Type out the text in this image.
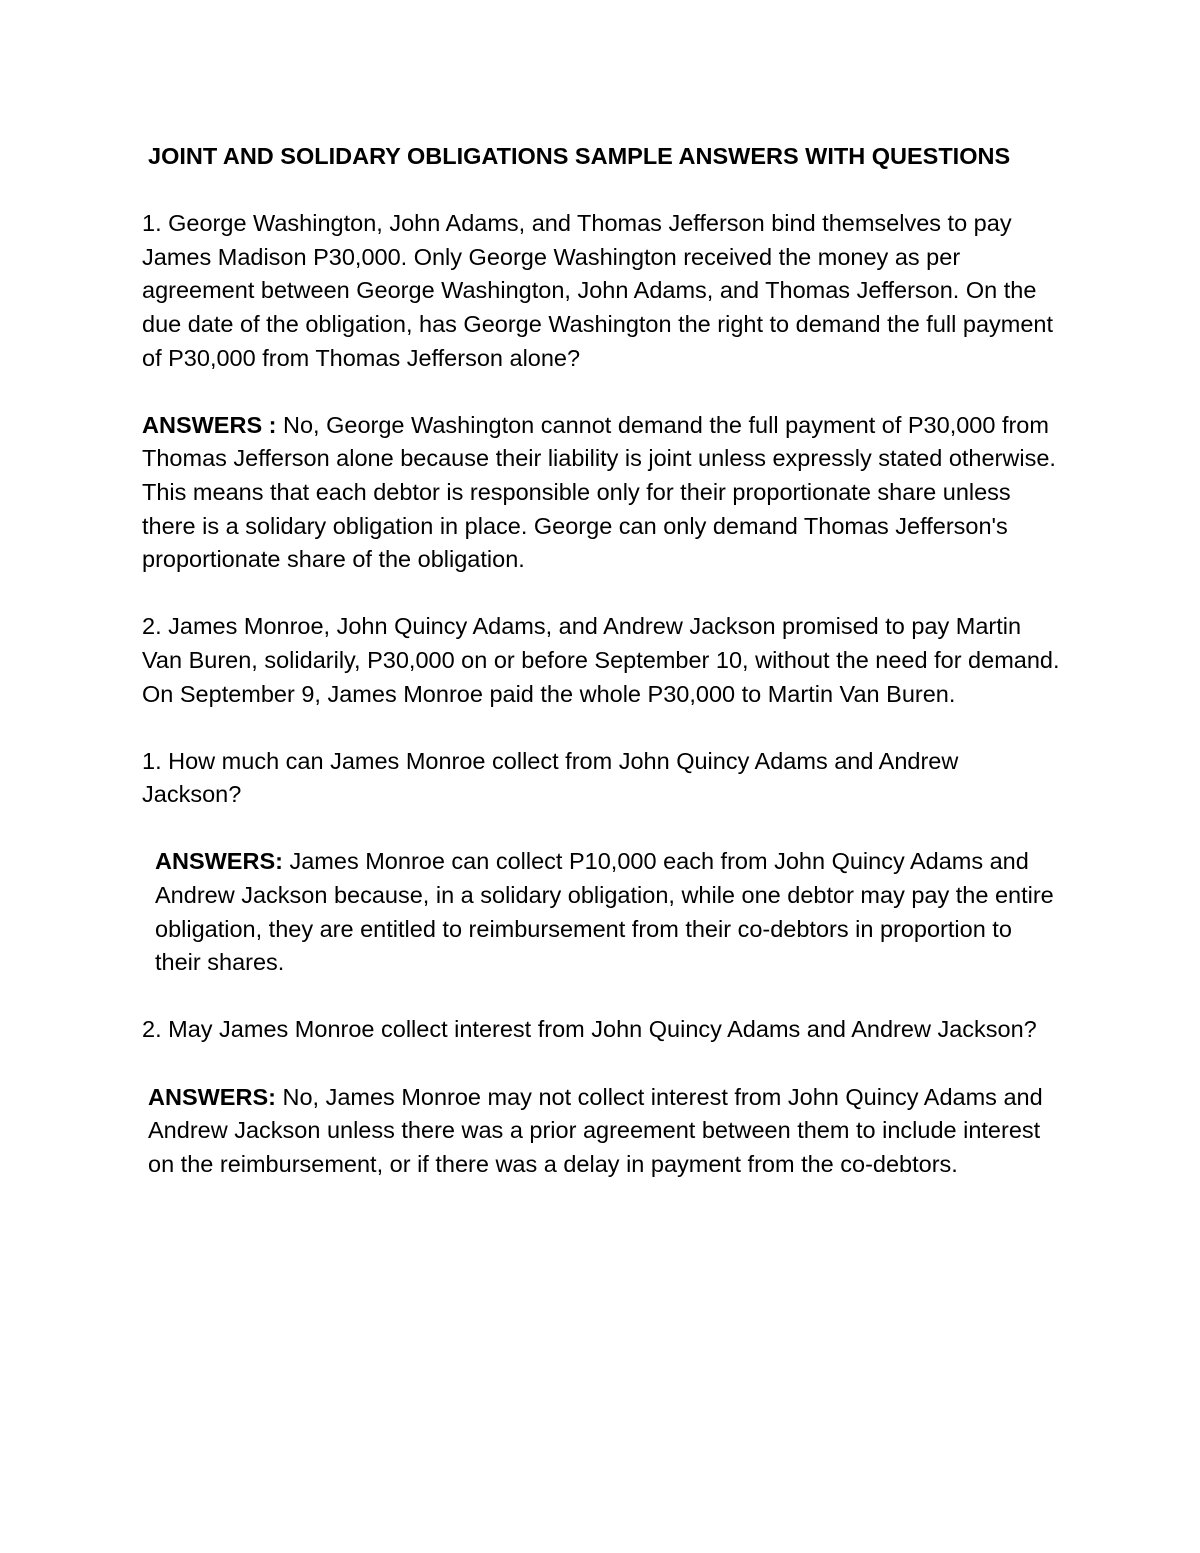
JOINT AND SOLIDARY OBLIGATIONS SAMPLE ANSWERS WITH QUESTIONS

1. George Washington, John Adams, and Thomas Jefferson bind themselves to pay James Madison P30,000. Only George Washington received the money as per agreement between George Washington, John Adams, and Thomas Jefferson. On the due date of the obligation, has George Washington the right to demand the full payment of P30,000 from Thomas Jefferson alone?

ANSWERS : No, George Washington cannot demand the full payment of P30,000 from Thomas Jefferson alone because their liability is joint unless expressly stated otherwise. This means that each debtor is responsible only for their proportionate share unless there is a solidary obligation in place. George can only demand Thomas Jefferson's proportionate share of the obligation.

2. James Monroe, John Quincy Adams, and Andrew Jackson promised to pay Martin Van Buren, solidarily, P30,000 on or before September 10, without the need for demand. On September 9, James Monroe paid the whole P30,000 to Martin Van Buren.

1. How much can James Monroe collect from John Quincy Adams and Andrew Jackson?

ANSWERS: James Monroe can collect P10,000 each from John Quincy Adams and Andrew Jackson because, in a solidary obligation, while one debtor may pay the entire obligation, they are entitled to reimbursement from their co-debtors in proportion to their shares.

2. May James Monroe collect interest from John Quincy Adams and Andrew Jackson?

ANSWERS: No, James Monroe may not collect interest from John Quincy Adams and Andrew Jackson unless there was a prior agreement between them to include interest on the reimbursement, or if there was a delay in payment from the co-debtors.
